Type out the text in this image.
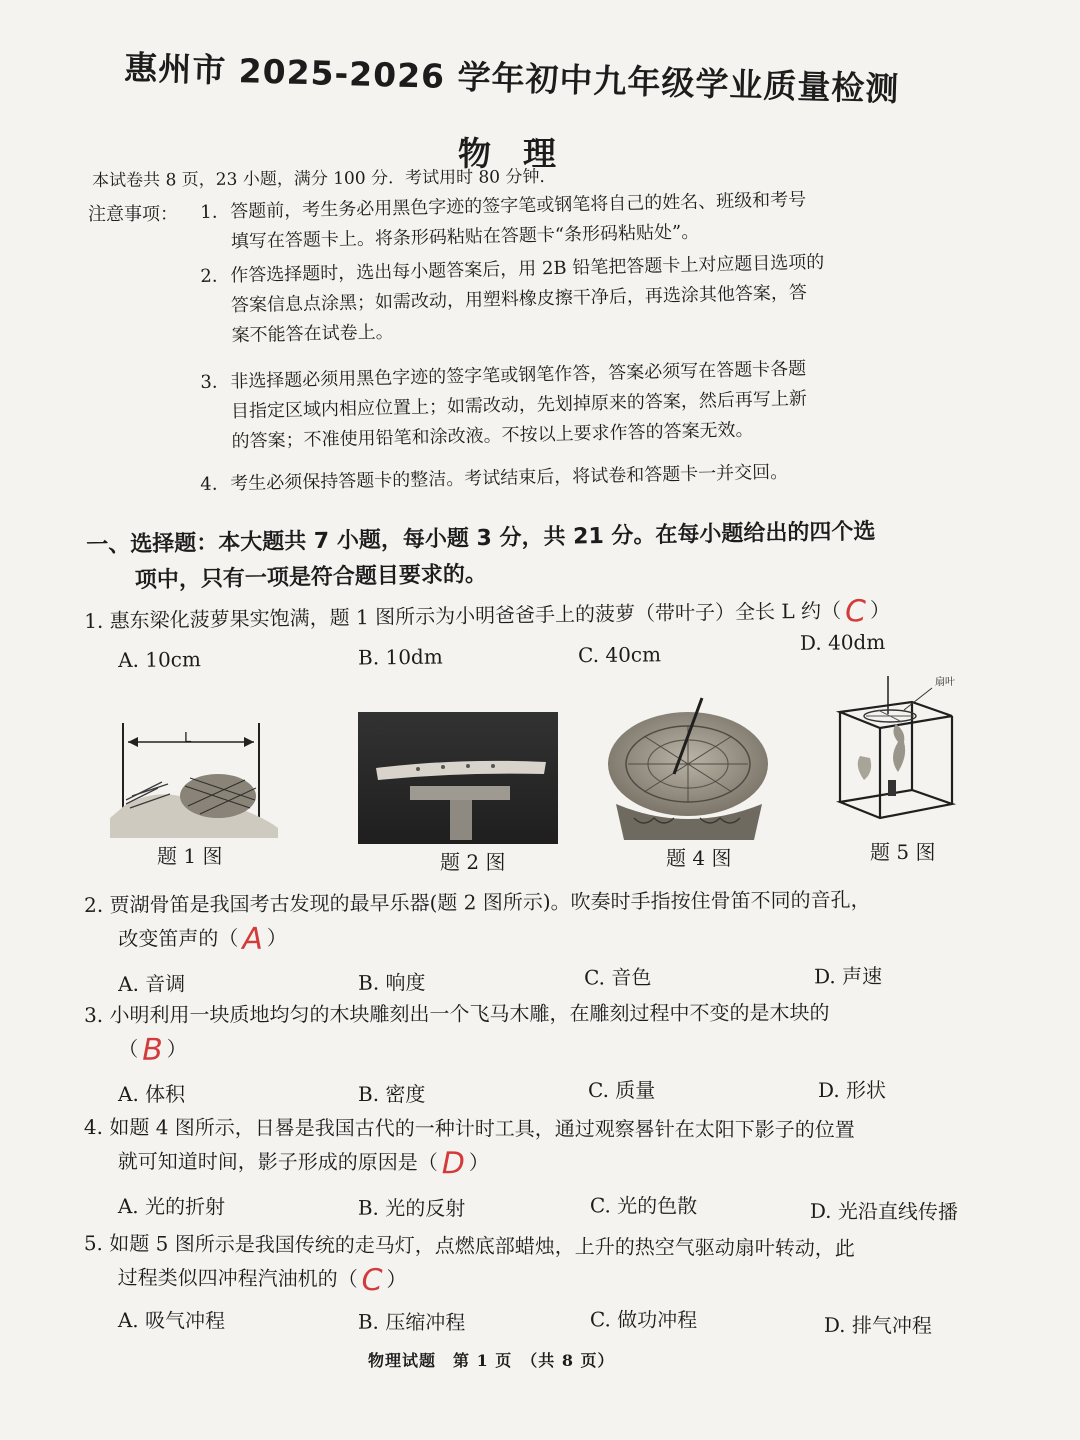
惠州市 2025-2026 学年初中九年级学业质量检测
物理
本试卷共 8 页，23 小题，满分 100 分．考试用时 80 分钟．
注意事项： 1. 答题前，考生务必用黑色字迹的签字笔或钢笔将自己的姓名、班级和考号
填写在答题卡上。将条形码粘贴在答题卡“条形码粘贴处”。
2. 作答选择题时，选出每小题答案后，用 2B 铅笔把答题卡上对应题目选项的
答案信息点涂黑；如需改动，用塑料橡皮擦干净后，再选涂其他答案，答
案不能答在试卷上。
3. 非选择题必须用黑色字迹的签字笔或钢笔作答，答案必须写在答题卡各题
目指定区域内相应位置上；如需改动，先划掉原来的答案，然后再写上新
的答案；不准使用铅笔和涂改液。不按以上要求作答的答案无效。
4. 考生必须保持答题卡的整洁。考试结束后，将试卷和答题卡一并交回。
一、选择题：本大题共 7 小题，每小题 3 分，共 21 分。在每小题给出的四个选
项中，只有一项是符合题目要求的。
1. 惠东梁化菠萝果实饱满，题 1 图所示为小明爸爸手上的菠萝（带叶子）全长 L 约（ C ）
A. 10cm	B. 10dm	C. 40cm	D. 40dm
题 1 图
L
题 2 图	题 4 图
扇叶
题 5 图
2. 贾湖骨笛是我国考古发现的最早乐器(题 2 图所示)。吹奏时手指按住骨笛不同的音孔，
改变笛声的（ A ）
A. 音调	B. 响度	C. 音色	D. 声速
3. 小明利用一块质地均匀的木块雕刻出一个飞马木雕，在雕刻过程中不变的是木块的
（ B ）
A. 体积	B. 密度	C. 质量	D. 形状
4. 如题 4 图所示，日晷是我国古代的一种计时工具，通过观察晷针在太阳下影子的位置
就可知道时间，影子形成的原因是（ D ）
A. 光的折射	B. 光的反射	C. 光的色散	D. 光沿直线传播
5. 如题 5 图所示是我国传统的走马灯，点燃底部蜡烛，上升的热空气驱动扇叶转动，此
过程类似四冲程汽油机的（ C ）
A. 吸气冲程	B. 压缩冲程	C. 做功冲程	D. 排气冲程
物理试题　第 1 页　（共 8 页）
